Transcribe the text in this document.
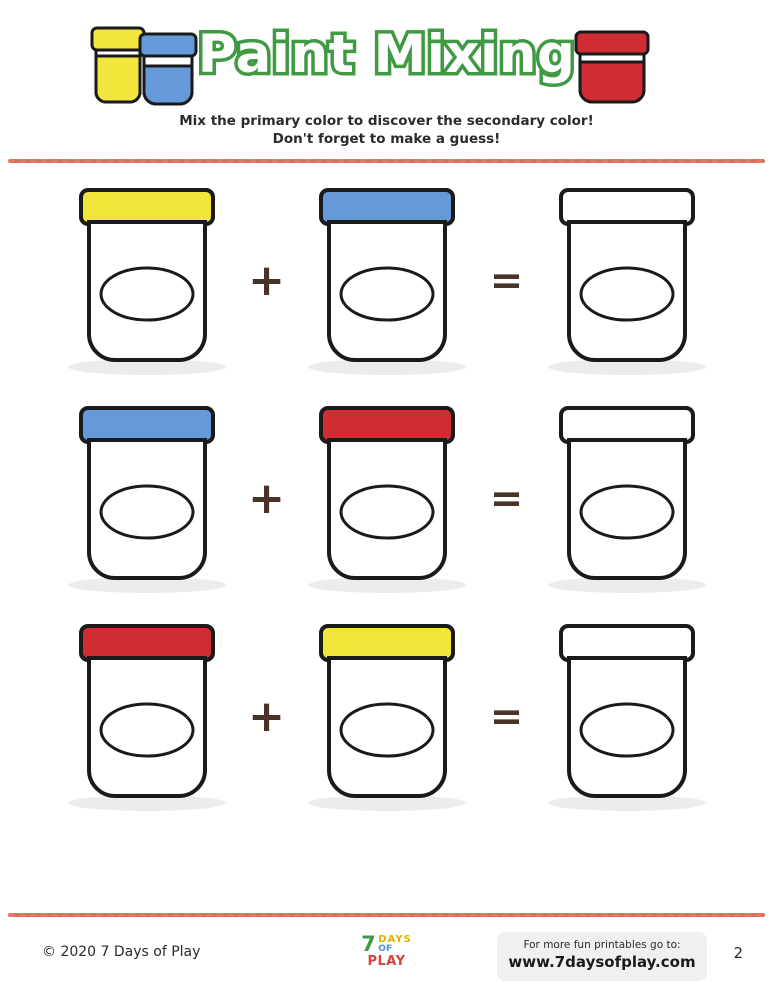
Paint Mixing
Mix the primary color to discover the secondary color!
Don't forget to make a guess!
+	=
+	=
+	=
© 2020 7 Days of Play	7 DAYS
OF
PLAY
For more fun printables go to:
www.7daysofplay.com	2
